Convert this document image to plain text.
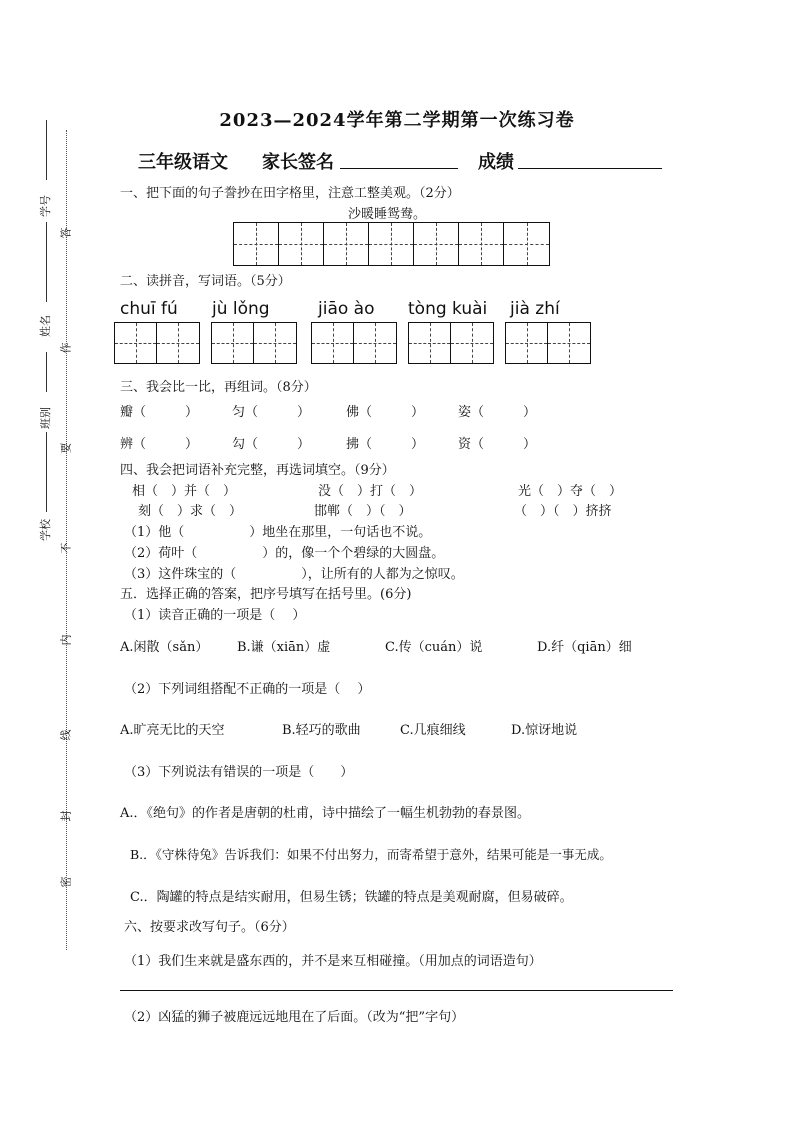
学号
姓名
班别
学校
答
作
要
不
内
线
封
密
2023—2024学年第二学期第一次练习卷
三年级语文 家长签名	成绩
一、把下面的句子誊抄在田字格里，注意工整美观。（2分）
沙暖睡鸳鸯。
二、读拼音，写词语。（5分）
chuī fú jù lǒng	jiāo ào tòng kuài jià zhí
三、我会比一比，再组词。（8分）
瓣（　　　）	匀（　　　）	佛（　　　）	姿（　　　）
辨（　　　）	勾（　　　）	拂（　　　）	资（　　　）
四、我会把词语补充完整，再选词填空。（9分）
相（　）并（　）	没（　）打（　）	光（　）夺（　）
刻（　）求（　）	邯郸（　）（　）	（　）（　）挤挤
（1）他（　　　　　）地坐在那里，一句话也不说。
（2）荷叶（　　　　　）的，像一个个碧绿的大圆盘。
（3）这件珠宝的（　　　　　），让所有的人都为之惊叹。
五．选择正确的答案，把序号填写在括号里。(6分)
（1）读音正确的一项是（　 ）
A.闲散（sǎn） B.谦（xiān）虚	C.传（cuán）说	D.纤（qiān）细
（2）下列词组搭配不正确的一项是（　 ）
A.旷亮无比的天空	B.轻巧的歌曲	C.几痕细线	D.惊讶地说
（3）下列说法有错误的一项是（　　）
A.．《绝句》的作者是唐朝的杜甫，诗中描绘了一幅生机勃勃的春景图。
B.．《守株待兔》告诉我们：如果不付出努力，而寄希望于意外，结果可能是一事无成。
C.．陶罐的特点是结实耐用，但易生锈；铁罐的特点是美观耐腐，但易破碎。
六、按要求改写句子。（6分）
（1）我们生来就是盛东西的，并不是来互相碰撞。（用加点的词语造句）
（2）凶猛的狮子被鹿远远地甩在了后面。（改为“把”字句）
